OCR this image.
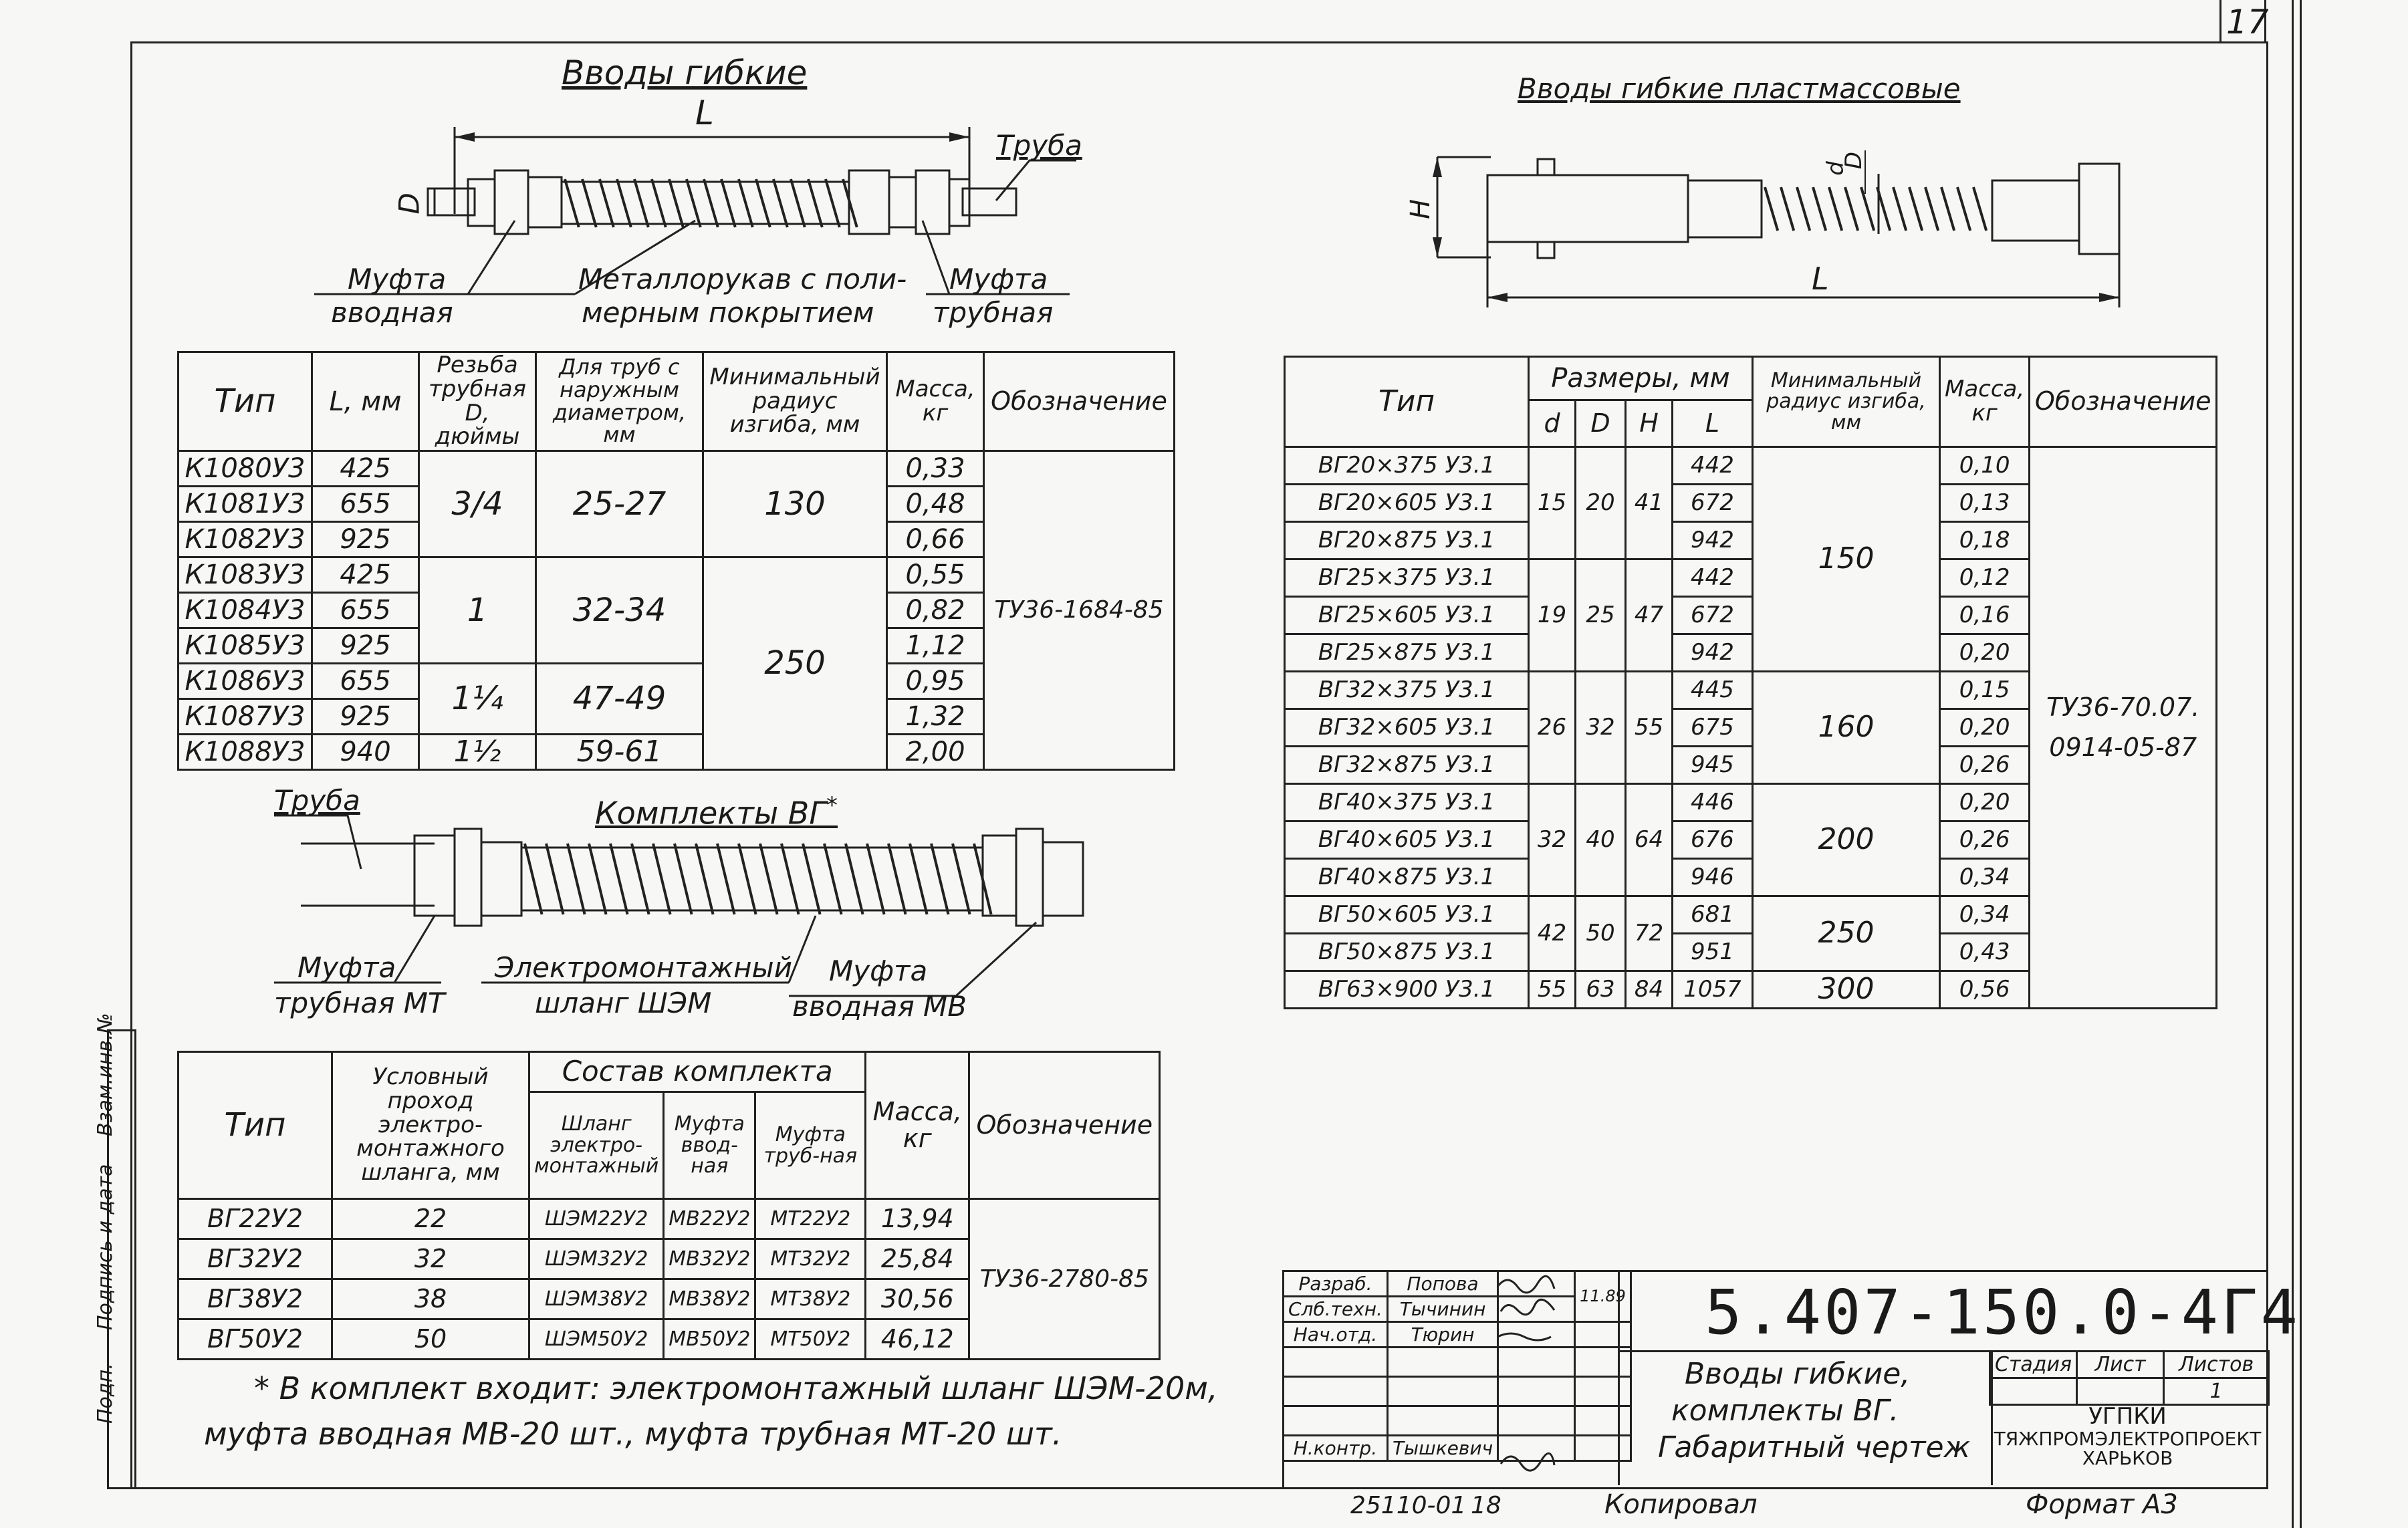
17
Подп.
Подпись и дата
Взам.инв.№
Вводы гибкие
L
D
Труба
Муфта
вводная
Металлорукав с поли-
мерным покрытием
Муфта
трубная
Тип	L, мм	Резьба трубная D, дюймы	Для труб с наружным диаметром, мм	Минимальный радиус изгиба, мм	Масса, кг	Обозначение
К1080У3	425	3/4	25-27	130	0,33	ТУ36-1684-85
К1081У3	655				0,48	
К1082У3	925				0,66	
К1083У3	425	1	32-34	250	0,55	
К1084У3	655				0,82	
К1085У3	925				1,12	
К1086У3	655	1¼	47-49		0,95	
К1087У3	925				1,32	
К1088У3	940	1½	59-61		2,00	
Труба	Комплекты ВГ*
Муфта
трубная МТ
Электромонтажный
шланг ШЭМ
Муфта
вводная МВ
Тип	Условный проход электро-монтажного шланга, мм	Состав комплекта			Масса, кг	Обозначение
		Шланг электро-монтажный	Муфта ввод-ная	Муфта труб-ная		
ВГ22У2	22	ШЭМ22У2	МВ22У2	МТ22У2	13,94	ТУ36-2780-85
ВГ32У2	32	ШЭМ32У2	МВ32У2	МТ32У2	25,84	
ВГ38У2	38	ШЭМ38У2	МВ38У2	МТ38У2	30,56	
ВГ50У2	50	ШЭМ50У2	МВ50У2	МТ50У2	46,12	
* В комплект входит: электромонтажный шланг ШЭМ-20м,
муфта вводная МВ-20 шт., муфта трубная МТ-20 шт.
Вводы гибкие пластмассовые
H
d
D
L
Тип	Размеры, мм				Минимальный радиус изгиба, мм	Масса, кг	Обозначение
	d	D	H	L			
ВГ20×375 У3.1	15	20	41	442	150	0,10	ТУ36-70.07.
0914-05-87

ВГ20×605 У3.1				672		0,13	
ВГ20×875 У3.1				942		0,18	
ВГ25×375 У3.1	19	25	47	442		0,12	
ВГ25×605 У3.1				672		0,16	
ВГ25×875 У3.1				942		0,20	
ВГ32×375 У3.1	26	32	55	445	160	0,15	
ВГ32×605 У3.1				675		0,20	
ВГ32×875 У3.1				945		0,26	
ВГ40×375 У3.1	32	40	64	446	200	0,20	
ВГ40×605 У3.1				676		0,26	
ВГ40×875 У3.1				946		0,34	
ВГ50×605 У3.1	42	50	72	681	250	0,34	
ВГ50×875 У3.1				951		0,43	
ВГ63×900 У3.1	55	63	84	1057	300	0,56	
Разраб.	Попова		11.89
Слб.техн.	Тычинин		
Нач.отд.	Тюрин		

Н.контр.	Тышкевич		
5.407-150.0-4Г4
Вводы гибкие,
комплекты ВГ.
Габаритный чертеж
Стадия	Лист	Листов
		1
УГПКИ
ТЯЖПРОМЭЛЕКТРОПРОЕКТ
ХАРЬКОВ
25110-01 18	Копировал	Формат А3
